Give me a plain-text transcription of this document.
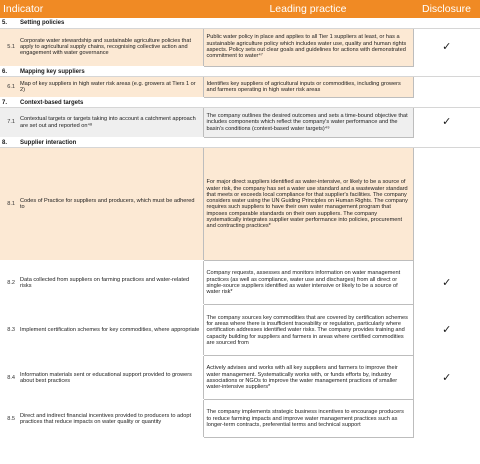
Indicator		Leading practice	Disclosure
5.	Setting policies		
5.1	Corporate water stewardship and sustainable agriculture policies that apply to agricultural supply chains, recognising collective action and engagement with water governance	Public water policy in place and applies to all Tier 1 suppliers at least, or has a sustainable agriculture policy which includes water use, quality and human rights aspects. Policy sets out clear goals and guidelines for actions with demonstrated commitment to water⁴⁷	✓
6.	Mapping key suppliers		
6.1	Map of key suppliers in high water risk areas (e.g. growers at Tiers 1 or 2)	Identifies key suppliers of agricultural inputs or commodities, including growers and farmers operating in high water risk areas	
7.	Context-based targets		
7.1	Contextual targets or targets taking into account a catchment approach are set out and reported on⁴⁸	The company outlines the desired outcomes and sets a time-bound objective that includes components which reflect the company's water performance and the basin's conditions (context-based water targets)⁴⁹	✓
8.	Supplier interaction		
8.1	Codes of Practice for suppliers and producers, which must be adhered to	For major direct suppliers identified as water-intensive, or likely to be a source of water risk, the company has set a water use standard and a wastewater standard that meets or exceeds local compliance for that supplier's facilities. The company considers water using the UN Guiding Principles on Human Rights. The company requires such suppliers to have their own water management program that imposes comparable standards on their own suppliers. The company systematically integrates supplier water performance into policies, procurement and contracting practices*	
8.2	Data collected from suppliers on farming practices and water-related risks	Company requests, assesses and monitors information on water management practices (as well as compliance, water use and discharges) from all direct or single-source suppliers identified as water intensive or likely to be a source of water risk*	✓
8.3	Implement certification schemes for key commodities, where appropriate	The company sources key commodities that are covered by certification schemes for areas where there is insufficient traceability or regulation, particularly where certification addresses identified water risks. The company provides training and capacity building for suppliers and farmers in areas where certified commodities are sourced from	✓
8.4	Information materials sent or educational support provided to growers about best practices	Actively advises and works with all key suppliers and farmers to improve their water management. Systematically works with, or funds efforts by, industry associations or NGOs to improve the water management practices of smaller water-intensive suppliers*	✓
8.5	Direct and indirect financial incentives provided to producers to adopt practices that reduce impacts on water quality or quantity	The company implements strategic business incentives to encourage producers to reduce farming impacts and improve water management practices such as longer-term contracts, preferential terms and technical support	
